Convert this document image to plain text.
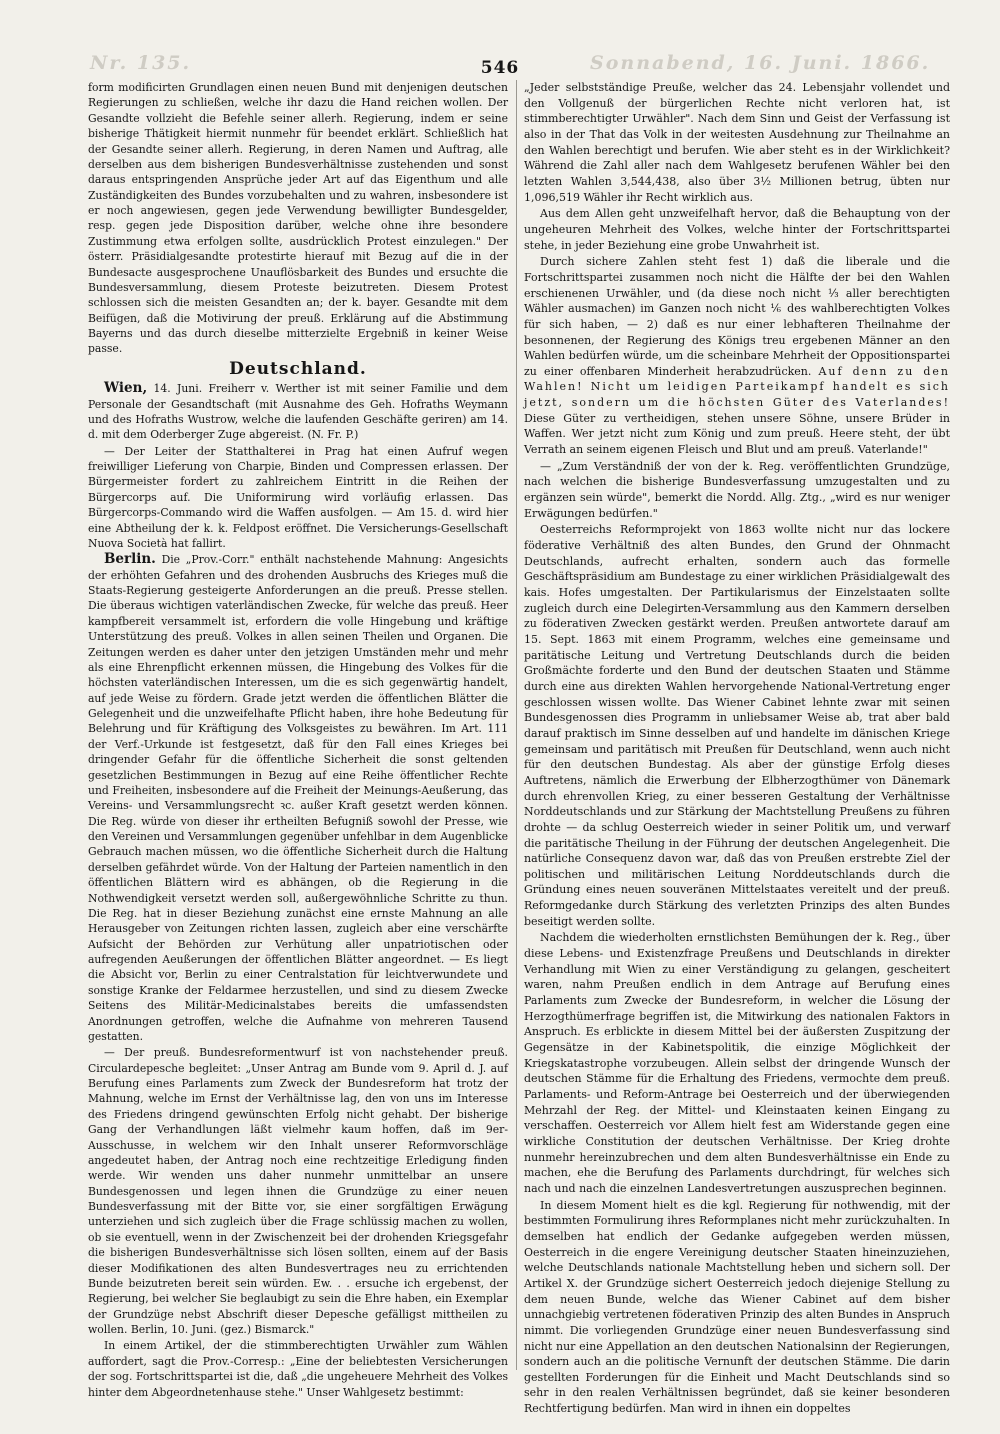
Nr. 135.	Sonnabend, 16. Juni. 1866.
546

form modificirten Grundlagen einen neuen Bund mit denjenigen deutschen Regierungen zu schließen, welche ihr dazu die Hand reichen wollen. Der Gesandte vollzieht die Befehle seiner allerh. Regierung, indem er seine bisherige Thätigkeit hiermit nunmehr für beendet erklärt. Schließlich hat der Gesandte seiner allerh. Regierung, in deren Namen und Auftrag, alle derselben aus dem bisherigen Bundesverhältnisse zustehenden und sonst daraus entspringenden Ansprüche jeder Art auf das Eigenthum und alle Zuständigkeiten des Bundes vorzubehalten und zu wahren, insbesondere ist er noch angewiesen, gegen jede Verwendung bewilligter Bundesgelder, resp. gegen jede Disposition darüber, welche ohne ihre besondere Zustimmung etwa erfolgen sollte, ausdrücklich Protest einzulegen." Der österr. Präsidialgesandte protestirte hierauf mit Bezug auf die in der Bundesacte ausgesprochene Unauflösbarkeit des Bundes und ersuchte die Bundesversammlung, diesem Proteste beizutreten. Diesem Protest schlossen sich die meisten Gesandten an; der k. bayer. Gesandte mit dem Beifügen, daß die Motivirung der preuß. Erklärung auf die Abstimmung Bayerns und das durch dieselbe mitterzielte Ergebniß in keiner Weise passe.

Deutschland.

Wien, 14. Juni. Freiherr v. Werther ist mit seiner Familie und dem Personale der Gesandtschaft (mit Ausnahme des Geh. Hofraths Weymann und des Hofraths Wustrow, welche die laufenden Geschäfte geriren) am 14. d. mit dem Oderberger Zuge abgereist. (N. Fr. P.)

— Der Leiter der Statthalterei in Prag hat einen Aufruf wegen freiwilliger Lieferung von Charpie, Binden und Compressen erlassen. Der Bürgermeister fordert zu zahlreichem Eintritt in die Reihen der Bürgercorps auf. Die Uniformirung wird vorläufig erlassen. Das Bürgercorps-Commando wird die Waffen ausfolgen. — Am 15. d. wird hier eine Abtheilung der k. k. Feldpost eröffnet. Die Versicherungs-Gesellschaft Nuova Società hat fallirt.

Berlin. Die „Prov.-Corr." enthält nachstehende Mahnung: Angesichts der erhöhten Gefahren und des drohenden Ausbruchs des Krieges muß die Staats-Regierung gesteigerte Anforderungen an die preuß. Presse stellen. Die überaus wichtigen vaterländischen Zwecke, für welche das preuß. Heer kampfbereit versammelt ist, erfordern die volle Hingebung und kräftige Unterstützung des preuß. Volkes in allen seinen Theilen und Organen. Die Zeitungen werden es daher unter den jetzigen Umständen mehr und mehr als eine Ehrenpflicht erkennen müssen, die Hingebung des Volkes für die höchsten vaterländischen Interessen, um die es sich gegenwärtig handelt, auf jede Weise zu fördern. Grade jetzt werden die öffentlichen Blätter die Gelegenheit und die unzweifelhafte Pflicht haben, ihre hohe Bedeutung für Belehrung und für Kräftigung des Volksgeistes zu bewähren. Im Art. 111 der Verf.-Urkunde ist festgesetzt, daß für den Fall eines Krieges bei dringender Gefahr für die öffentliche Sicherheit die sonst geltenden gesetzlichen Bestimmungen in Bezug auf eine Reihe öffentlicher Rechte und Freiheiten, insbesondere auf die Freiheit der Meinungs-Aeußerung, das Vereins- und Versammlungsrecht ꝛc. außer Kraft gesetzt werden können. Die Reg. würde von dieser ihr ertheilten Befugniß sowohl der Presse, wie den Vereinen und Versammlungen gegenüber unfehlbar in dem Augenblicke Gebrauch machen müssen, wo die öffentliche Sicherheit durch die Haltung derselben gefährdet würde. Von der Haltung der Parteien namentlich in den öffentlichen Blättern wird es abhängen, ob die Regierung in die Nothwendigkeit versetzt werden soll, außergewöhnliche Schritte zu thun. Die Reg. hat in dieser Beziehung zunächst eine ernste Mahnung an alle Herausgeber von Zeitungen richten lassen, zugleich aber eine verschärfte Aufsicht der Behörden zur Verhütung aller unpatriotischen oder aufregenden Aeußerungen der öffentlichen Blätter angeordnet. — Es liegt die Absicht vor, Berlin zu einer Centralstation für leichtverwundete und sonstige Kranke der Feldarmee herzustellen, und sind zu diesem Zwecke Seitens des Militär-Medicinalstabes bereits die umfassendsten Anordnungen getroffen, welche die Aufnahme von mehreren Tausend gestatten.

— Der preuß. Bundesreformentwurf ist von nachstehender preuß. Circulardepesche begleitet: „Unser Antrag am Bunde vom 9. April d. J. auf Berufung eines Parlaments zum Zweck der Bundesreform hat trotz der Mahnung, welche im Ernst der Verhältnisse lag, den von uns im Interesse des Friedens dringend gewünschten Erfolg nicht gehabt. Der bisherige Gang der Verhandlungen läßt vielmehr kaum hoffen, daß im 9er-Ausschusse, in welchem wir den Inhalt unserer Reformvorschläge angedeutet haben, der Antrag noch eine rechtzeitige Erledigung finden werde. Wir wenden uns daher nunmehr unmittelbar an unsere Bundesgenossen und legen ihnen die Grundzüge zu einer neuen Bundesverfassung mit der Bitte vor, sie einer sorgfältigen Erwägung unterziehen und sich zugleich über die Frage schlüssig machen zu wollen, ob sie eventuell, wenn in der Zwischenzeit bei der drohenden Kriegsgefahr die bisherigen Bundesverhältnisse sich lösen sollten, einem auf der Basis dieser Modifikationen des alten Bundesvertrages neu zu errichtenden Bunde beizutreten bereit sein würden. Ew. . . ersuche ich ergebenst, der Regierung, bei welcher Sie beglaubigt zu sein die Ehre haben, ein Exemplar der Grundzüge nebst Abschrift dieser Depesche gefälligst mittheilen zu wollen. Berlin, 10. Juni. (gez.) Bismarck."

In einem Artikel, der die stimmberechtigten Urwähler zum Wählen auffordert, sagt die Prov.-Corresp.: „Eine der beliebtesten Versicherungen der sog. Fortschrittspartei ist die, daß „die ungeheuere Mehrheit des Volkes hinter dem Abgeordnetenhause stehe." Unser Wahlgesetz bestimmt:

„Jeder selbstständige Preuße, welcher das 24. Lebensjahr vollendet und den Vollgenuß der bürgerlichen Rechte nicht verloren hat, ist stimmberechtigter Urwähler". Nach dem Sinn und Geist der Verfassung ist also in der That das Volk in der weitesten Ausdehnung zur Theilnahme an den Wahlen berechtigt und berufen. Wie aber steht es in der Wirklichkeit? Während die Zahl aller nach dem Wahlgesetz berufenen Wähler bei den letzten Wahlen 3,544,438, also über 3½ Millionen betrug, übten nur 1,096,519 Wähler ihr Recht wirklich aus.

Aus dem Allen geht unzweifelhaft hervor, daß die Behauptung von der ungeheuren Mehrheit des Volkes, welche hinter der Fortschrittspartei stehe, in jeder Beziehung eine grobe Unwahrheit ist.

Durch sichere Zahlen steht fest 1) daß die liberale und die Fortschrittspartei zusammen noch nicht die Hälfte der bei den Wahlen erschienenen Urwähler, und (da diese noch nicht ⅓ aller berechtigten Wähler ausmachen) im Ganzen noch nicht ⅙ des wahlberechtigten Volkes für sich haben, — 2) daß es nur einer lebhafteren Theilnahme der besonnenen, der Regierung des Königs treu ergebenen Männer an den Wahlen bedürfen würde, um die scheinbare Mehrheit der Oppositionspartei zu einer offenbaren Minderheit herabzudrücken. Auf denn zu den Wahlen! Nicht um leidigen Parteikampf handelt es sich jetzt, sondern um die höchsten Güter des Vaterlandes! Diese Güter zu vertheidigen, stehen unsere Söhne, unsere Brüder in Waffen. Wer jetzt nicht zum König und zum preuß. Heere steht, der übt Verrath an seinem eigenen Fleisch und Blut und am preuß. Vaterlande!"

— „Zum Verständniß der von der k. Reg. veröffentlichten Grundzüge, nach welchen die bisherige Bundesverfassung umzugestalten und zu ergänzen sein würde", bemerkt die Nordd. Allg. Ztg., „wird es nur weniger Erwägungen bedürfen."

Oesterreichs Reformprojekt von 1863 wollte nicht nur das lockere föderative Verhältniß des alten Bundes, den Grund der Ohnmacht Deutschlands, aufrecht erhalten, sondern auch das formelle Geschäftspräsidium am Bundestage zu einer wirklichen Präsidialgewalt des kais. Hofes umgestalten. Der Partikularismus der Einzelstaaten sollte zugleich durch eine Delegirten-Versammlung aus den Kammern derselben zu föderativen Zwecken gestärkt werden. Preußen antwortete darauf am 15. Sept. 1863 mit einem Programm, welches eine gemeinsame und paritätische Leitung und Vertretung Deutschlands durch die beiden Großmächte forderte und den Bund der deutschen Staaten und Stämme durch eine aus direkten Wahlen hervorgehende National-Vertretung enger geschlossen wissen wollte. Das Wiener Cabinet lehnte zwar mit seinen Bundesgenossen dies Programm in unliebsamer Weise ab, trat aber bald darauf praktisch im Sinne desselben auf und handelte im dänischen Kriege gemeinsam und paritätisch mit Preußen für Deutschland, wenn auch nicht für den deutschen Bundestag. Als aber der günstige Erfolg dieses Auftretens, nämlich die Erwerbung der Elbherzogthümer von Dänemark durch ehrenvollen Krieg, zu einer besseren Gestaltung der Verhältnisse Norddeutschlands und zur Stärkung der Machtstellung Preußens zu führen drohte — da schlug Oesterreich wieder in seiner Politik um, und verwarf die paritätische Theilung in der Führung der deutschen Angelegenheit. Die natürliche Consequenz davon war, daß das von Preußen erstrebte Ziel der politischen und militärischen Leitung Norddeutschlands durch die Gründung eines neuen souveränen Mittelstaates vereitelt und der preuß. Reformgedanke durch Stärkung des verletzten Prinzips des alten Bundes beseitigt werden sollte.

Nachdem die wiederholten ernstlichsten Bemühungen der k. Reg., über diese Lebens- und Existenzfrage Preußens und Deutschlands in direkter Verhandlung mit Wien zu einer Verständigung zu gelangen, gescheitert waren, nahm Preußen endlich in dem Antrage auf Berufung eines Parlaments zum Zwecke der Bundesreform, in welcher die Lösung der Herzogthümerfrage begriffen ist, die Mitwirkung des nationalen Faktors in Anspruch. Es erblickte in diesem Mittel bei der äußersten Zuspitzung der Gegensätze in der Kabinetspolitik, die einzige Möglichkeit der Kriegskatastrophe vorzubeugen. Allein selbst der dringende Wunsch der deutschen Stämme für die Erhaltung des Friedens, vermochte dem preuß. Parlaments- und Reform-Antrage bei Oesterreich und der überwiegenden Mehrzahl der Reg. der Mittel- und Kleinstaaten keinen Eingang zu verschaffen. Oesterreich vor Allem hielt fest am Widerstande gegen eine wirkliche Constitution der deutschen Verhältnisse. Der Krieg drohte nunmehr hereinzubrechen und dem alten Bundesverhältnisse ein Ende zu machen, ehe die Berufung des Parlaments durchdringt, für welches sich nach und nach die einzelnen Landesvertretungen auszusprechen beginnen.

In diesem Moment hielt es die kgl. Regierung für nothwendig, mit der bestimmten Formulirung ihres Reformplanes nicht mehr zurückzuhalten. In demselben hat endlich der Gedanke aufgegeben werden müssen, Oesterreich in die engere Vereinigung deutscher Staaten hineinzuziehen, welche Deutschlands nationale Machtstellung heben und sichern soll. Der Artikel X. der Grundzüge sichert Oesterreich jedoch diejenige Stellung zu dem neuen Bunde, welche das Wiener Cabinet auf dem bisher unnachgiebig vertretenen föderativen Prinzip des alten Bundes in Anspruch nimmt. Die vorliegenden Grundzüge einer neuen Bundesverfassung sind nicht nur eine Appellation an den deutschen Nationalsinn der Regierungen, sondern auch an die politische Vernunft der deutschen Stämme. Die darin gestellten Forderungen für die Einheit und Macht Deutschlands sind so sehr in den realen Verhältnissen begründet, daß sie keiner besonderen Rechtfertigung bedürfen. Man wird in ihnen ein doppeltes
